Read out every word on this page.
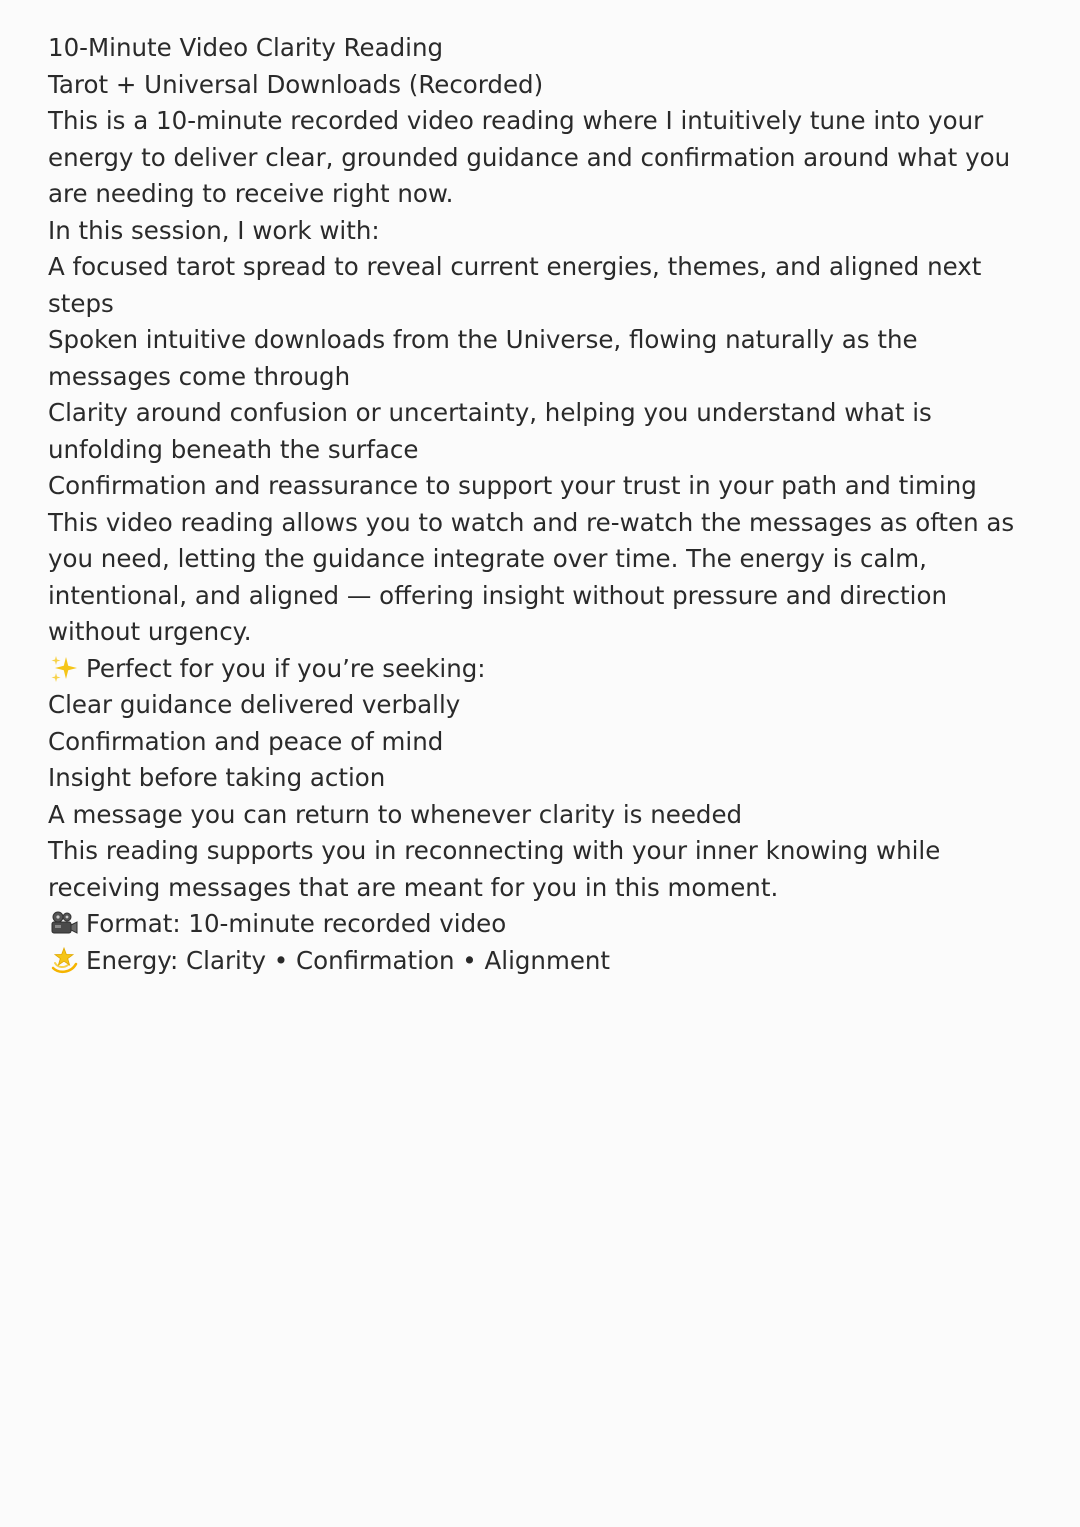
10-Minute Video Clarity Reading
Tarot + Universal Downloads (Recorded)
This is a 10-minute recorded video reading where I intuitively tune into your energy to deliver clear, grounded guidance and confirmation around what you are needing to receive right now.
In this session, I work with:
A focused tarot spread to reveal current energies, themes, and aligned next steps
Spoken intuitive downloads from the Universe, flowing naturally as the messages come through
Clarity around confusion or uncertainty, helping you understand what is unfolding beneath the surface
Confirmation and reassurance to support your trust in your path and timing
This video reading allows you to watch and re-watch the messages as often as you need, letting the guidance integrate over time. The energy is calm, intentional, and aligned — offering insight without pressure and direction without urgency.
Perfect for you if you’re seeking:
Clear guidance delivered verbally
Confirmation and peace of mind
Insight before taking action
A message you can return to whenever clarity is needed
This reading supports you in reconnecting with your inner knowing while receiving messages that are meant for you in this moment.
Format: 10-minute recorded video
Energy: Clarity • Confirmation • Alignment
